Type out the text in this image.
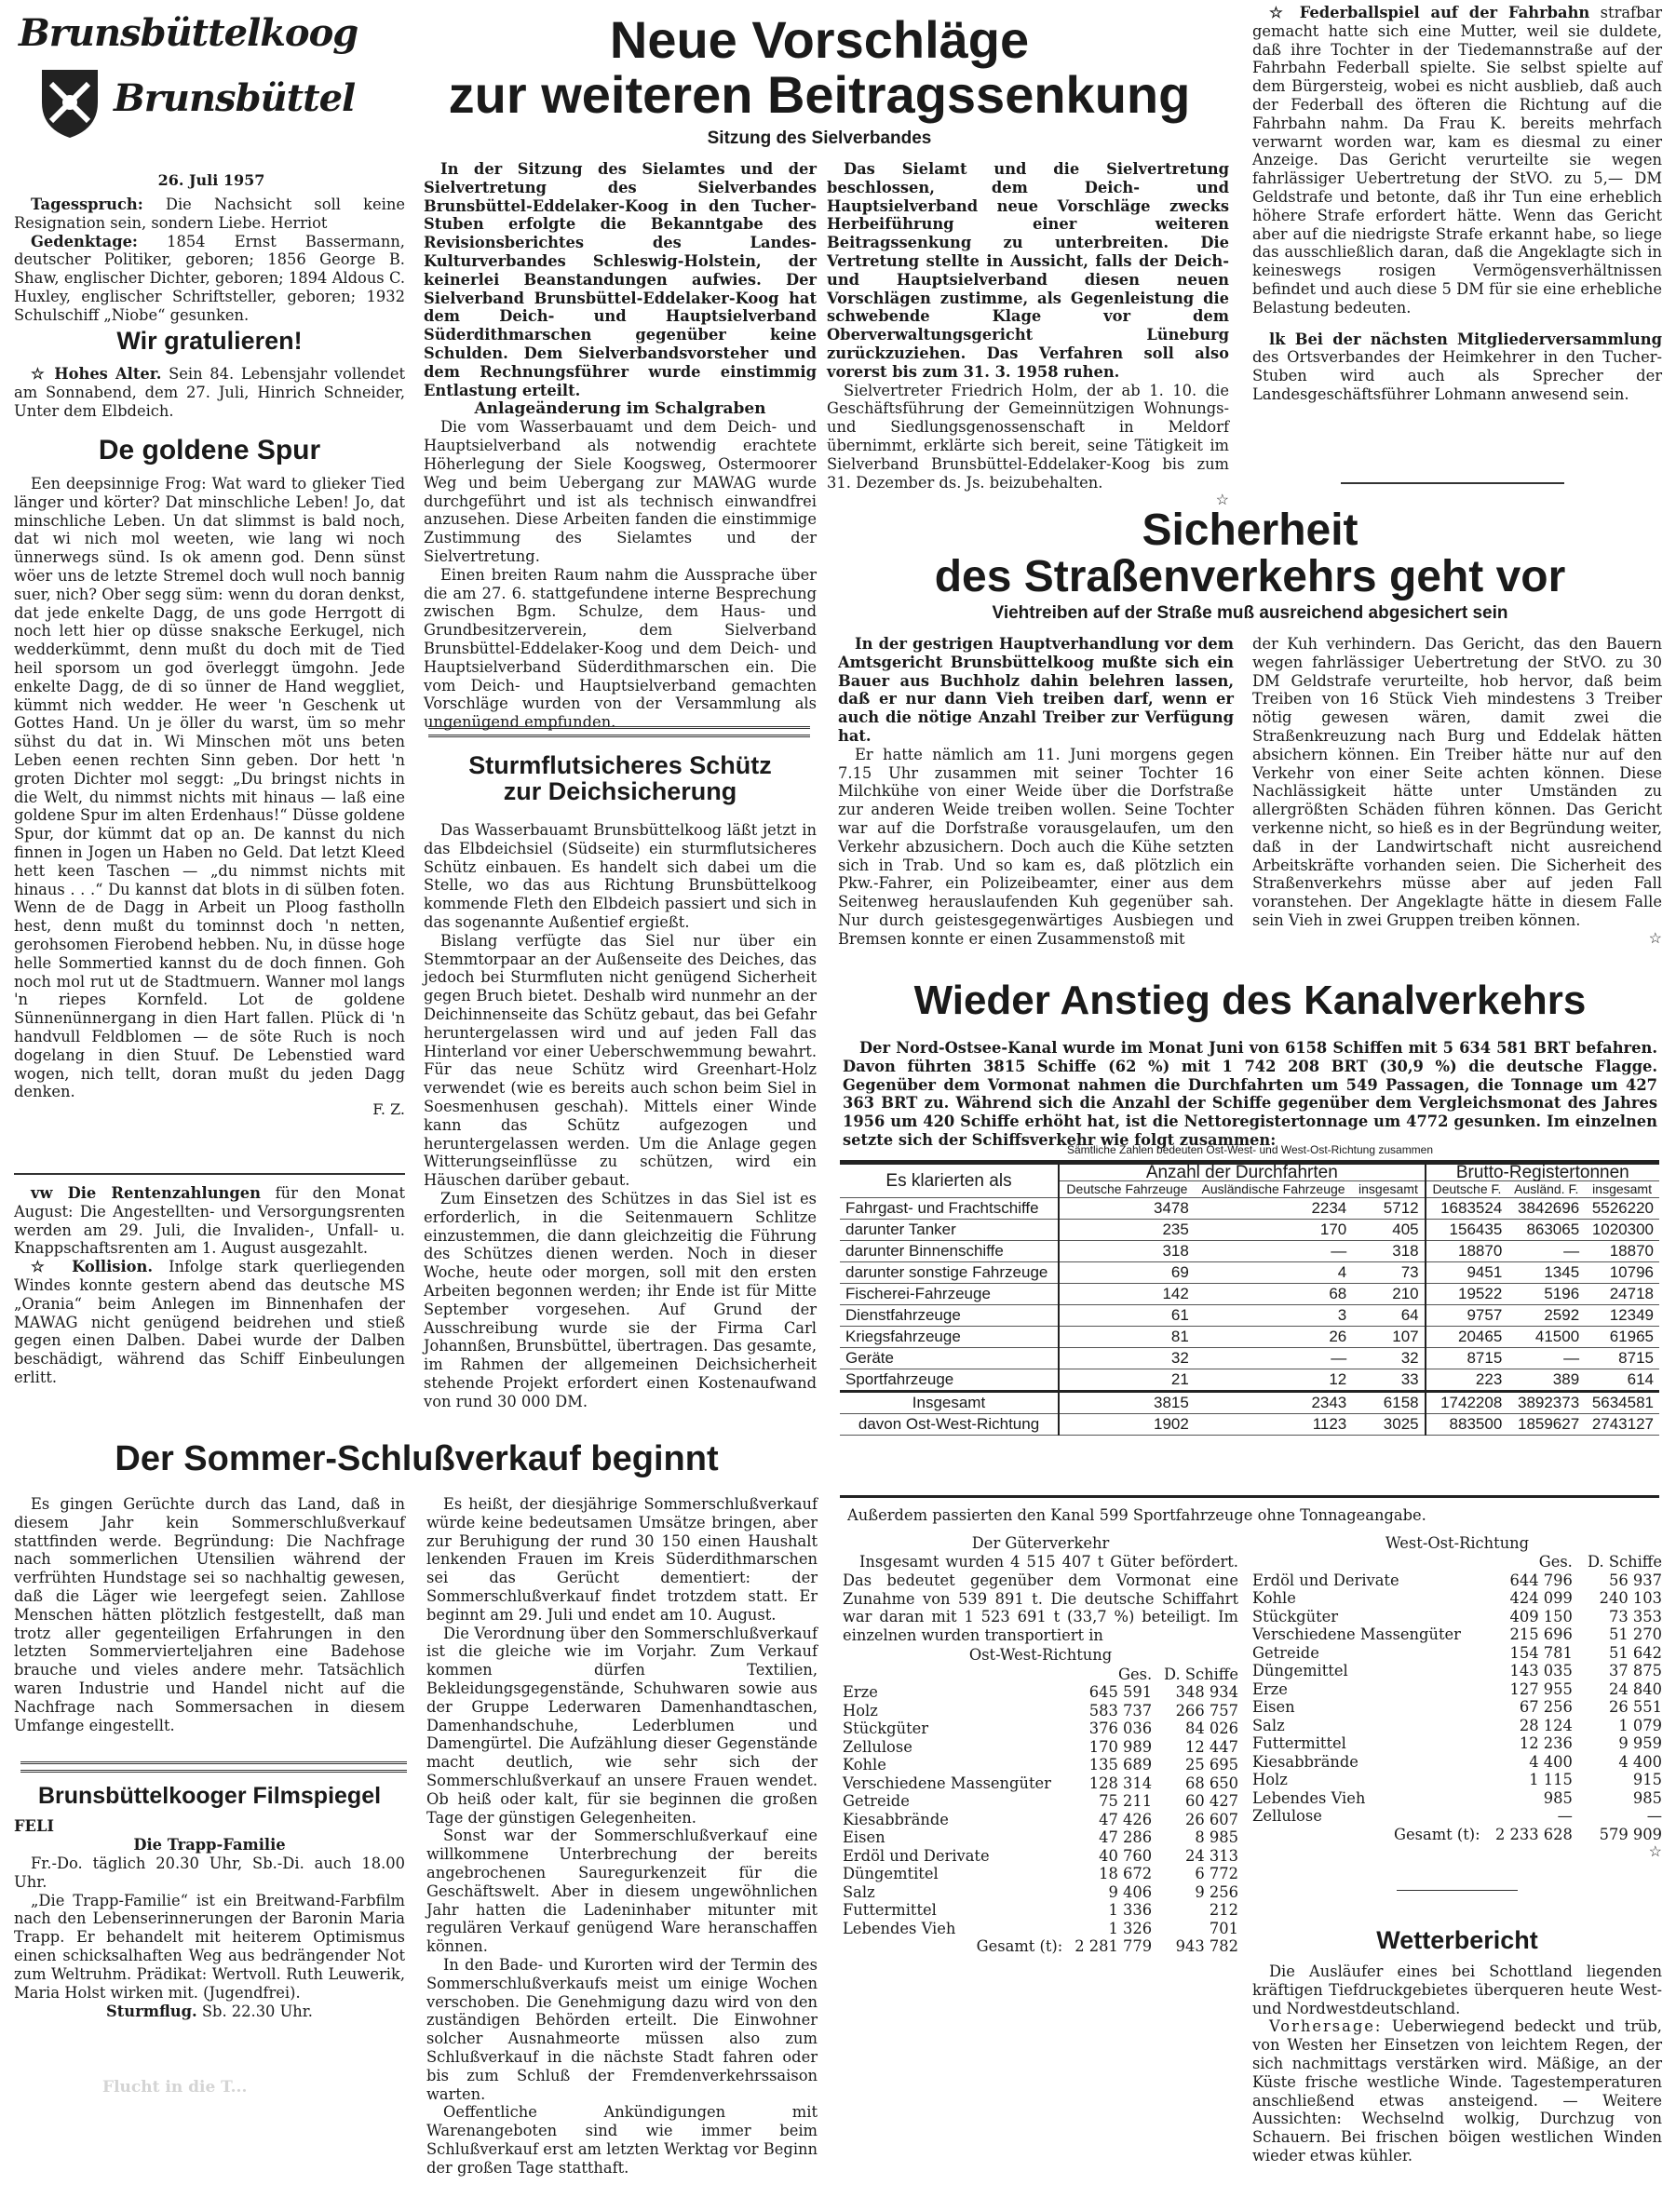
Brunsbüttelkoog
Brunsbüttel
26. Juli 1957

Tagesspruch: Die Nachsicht soll keine Resignation sein, sondern Liebe. Herriot

Gedenktage: 1854 Ernst Bassermann, deutscher Politiker, geboren; 1856 George B. Shaw, englischer Dichter, geboren; 1894 Aldous C. Huxley, englischer Schriftsteller, geboren; 1932 Schulschiff „Niobe“ gesunken.

Wir gratulieren!

☆ Hohes Alter. Sein 84. Lebensjahr vollendet am Sonnabend, dem 27. Juli, Hinrich Schneider, Unter dem Elbdeich.

De goldene Spur

Een deepsinnige Frog: Wat ward to glieker Tied länger und körter? Dat minschliche Leben! Jo, dat minschliche Leben. Un dat slimmst is bald noch, dat wi nich mol weeten, wie lang wi noch ünnerwegs sünd. Is ok amenn god. Denn sünst wöer uns de letzte Stremel doch wull noch bannig suer, nich? Ober segg süm: wenn du doran denkst, dat jede enkelte Dagg, de uns gode Herrgott di noch lett hier op düsse snaksche Eerkugel, nich wedderkümmt, denn mußt du doch mit de Tied heil sporsom un god överleggt ümgohn. Jede enkelte Dagg, de di so ünner de Hand weggliet, kümmt nich wedder. He weer 'n Geschenk ut Gottes Hand. Un je öller du warst, üm so mehr sühst du dat in. Wi Minschen möt uns beten Leben eenen rechten Sinn geben. Dor hett 'n groten Dichter mol seggt: „Du bringst nichts in die Welt, du nimmst nichts mit hinaus — laß eine goldene Spur im alten Erdenhaus!“ Düsse goldene Spur, dor kümmt dat op an. De kannst du nich finnen in Jogen un Haben no Geld. Dat letzt Kleed hett keen Taschen — „du nimmst nichts mit hinaus . . .“ Du kannst dat blots in di sülben foten. Wenn de de Dagg in Arbeit un Ploog fastholln hest, denn mußt du tominnst doch 'n netten, gerohsomen Fierobend hebben. Nu, in düsse hoge helle Sommertied kannst du de doch finnen. Goh noch mol rut ut de Stadtmuern. Wanner mol langs 'n riepes Kornfeld. Lot de goldene Sünnenünnergang in dien Hart fallen. Plück di 'n handvull Feldblomen — de söte Ruch is noch dogelang in dien Stuuf. De Lebenstied ward wogen, nich tellt, doran mußt du jeden Dagg denken.

F. Z.

vw Die Rentenzahlungen für den Monat August: Die Angestellten- und Versorgungsrenten werden am 29. Juli, die Invaliden-, Unfall- u. Knappschaftsrenten am 1. August ausgezahlt.

☆ Kollision. Infolge stark querliegenden Windes konnte gestern abend das deutsche MS „Orania“ beim Anlegen im Binnenhafen der MAWAG nicht genügend beidrehen und stieß gegen einen Dalben. Dabei wurde der Dalben beschädigt, während das Schiff Einbeulungen erlitt.

Neue Vorschläge
zur weiteren Beitragssenkung
Sitzung des Sielverbandes

In der Sitzung des Sielamtes und der Sielvertretung des Sielverbandes Brunsbüttel-Eddelaker-Koog in den Tucher-Stuben erfolgte die Bekanntgabe des Revisionsberichtes des Landes-Kulturverbandes Schleswig-Holstein, der keinerlei Beanstandungen aufwies. Der Sielverband Brunsbüttel-Eddelaker-Koog hat dem Deich- und Hauptsielverband Süderdithmarschen gegenüber keine Schulden. Dem Sielverbandsvorsteher und dem Rechnungsführer wurde einstimmig Entlastung erteilt.

Anlageänderung im Schalgraben

Die vom Wasserbauamt und dem Deich- und Hauptsielverband als notwendig erachtete Höherlegung der Siele Koogsweg, Ostermoorer Weg und beim Uebergang zur MAWAG wurde durchgeführt und ist als technisch einwandfrei anzusehen. Diese Arbeiten fanden die einstimmige Zustimmung des Sielamtes und der Sielvertretung.

Einen breiten Raum nahm die Aussprache über die am 27. 6. stattgefundene interne Besprechung zwischen Bgm. Schulze, dem Haus- und Grundbesitzerverein, dem Sielverband Brunsbüttel-Eddelaker-Koog und dem Deich- und Hauptsielverband Süderdithmarschen ein. Die vom Deich- und Hauptsielverband gemachten Vorschläge wurden von der Versammlung als ungenügend empfunden.

Das Sielamt und die Sielvertretung beschlossen, dem Deich- und Hauptsielverband neue Vorschläge zwecks Herbeiführung einer weiteren Beitragssenkung zu unterbreiten. Die Vertretung stellte in Aussicht, falls der Deich- und Hauptsielverband diesen neuen Vorschlägen zustimme, als Gegenleistung die schwebende Klage vor dem Oberverwaltungsgericht Lüneburg zurückzuziehen. Das Verfahren soll also vorerst bis zum 31. 3. 1958 ruhen.

Sielvertreter Friedrich Holm, der ab 1. 10. die Geschäftsführung der Gemeinnützigen Wohnungs- und Siedlungsgenossenschaft in Meldorf übernimmt, erklärte sich bereit, seine Tätigkeit im Sielverband Brunsbüttel-Eddelaker-Koog bis zum 31. Dezember ds. Js. beizubehalten.

☆
Sturmflutsicheres Schütz
zur Deichsicherung

Das Wasserbauamt Brunsbüttelkoog läßt jetzt in das Elbdeichsiel (Südseite) ein sturmflutsicheres Schütz einbauen. Es handelt sich dabei um die Stelle, wo das aus Richtung Brunsbüttelkoog kommende Fleth den Elbdeich passiert und sich in das sogenannte Außentief ergießt.

Bislang verfügte das Siel nur über ein Stemmtorpaar an der Außenseite des Deiches, das jedoch bei Sturmfluten nicht genügend Sicherheit gegen Bruch bietet. Deshalb wird nunmehr an der Deichinnenseite das Schütz gebaut, das bei Gefahr heruntergelassen wird und auf jeden Fall das Hinterland vor einer Ueberschwemmung bewahrt. Für das neue Schütz wird Greenhart-Holz verwendet (wie es bereits auch schon beim Siel in Soesmenhusen geschah). Mittels einer Winde kann das Schütz aufgezogen und heruntergelassen werden. Um die Anlage gegen Witterungseinflüsse zu schützen, wird ein Häuschen darüber gebaut.

Zum Einsetzen des Schützes in das Siel ist es erforderlich, in die Seitenmauern Schlitze einzustemmen, die dann gleichzeitig die Führung des Schützes dienen werden. Noch in dieser Woche, heute oder morgen, soll mit den ersten Arbeiten begonnen werden; ihr Ende ist für Mitte September vorgesehen. Auf Grund der Ausschreibung wurde sie der Firma Carl Johannßen, Brunsbüttel, übertragen. Das gesamte, im Rahmen der allgemeinen Deichsicherheit stehende Projekt erfordert einen Kostenaufwand von rund 30 000 DM.

☆ Federballspiel auf der Fahrbahn strafbar gemacht hatte sich eine Mutter, weil sie duldete, daß ihre Tochter in der Tiedemannstraße auf der Fahrbahn Federball spielte. Sie selbst spielte auf dem Bürgersteig, wobei es nicht ausblieb, daß auch der Federball des öfteren die Richtung auf die Fahrbahn nahm. Da Frau K. bereits mehrfach verwarnt worden war, kam es diesmal zu einer Anzeige. Das Gericht verurteilte sie wegen fahrlässiger Uebertretung der StVO. zu 5,— DM Geldstrafe und betonte, daß ihr Tun eine erheblich höhere Strafe erfordert hätte. Wenn das Gericht aber auf die niedrigste Strafe erkannt habe, so liege das ausschließlich daran, daß die Angeklagte sich in keineswegs rosigen Vermögensverhältnissen befindet und auch diese 5 DM für sie eine erhebliche Belastung bedeuten.

lk Bei der nächsten Mitgliederversammlung des Ortsverbandes der Heimkehrer in den Tucher-Stuben wird auch als Sprecher der Landesgeschäftsführer Lohmann anwesend sein.

Sicherheit
des Straßenverkehrs geht vor
Viehtreiben auf der Straße muß ausreichend abgesichert sein

In der gestrigen Hauptverhandlung vor dem Amtsgericht Brunsbüttelkoog mußte sich ein Bauer aus Buchholz dahin belehren lassen, daß er nur dann Vieh treiben darf, wenn er auch die nötige Anzahl Treiber zur Verfügung hat.

Er hatte nämlich am 11. Juni morgens gegen 7.15 Uhr zusammen mit seiner Tochter 16 Milchkühe von einer Weide über die Dorfstraße zur anderen Weide treiben wollen. Seine Tochter war auf die Dorfstraße vorausgelaufen, um den Verkehr abzusichern. Doch auch die Kühe setzten sich in Trab. Und so kam es, daß plötzlich ein Pkw.-Fahrer, ein Polizeibeamter, einer aus dem Seitenweg herauslaufenden Kuh gegenüber sah. Nur durch geistesgegenwärtiges Ausbiegen und Bremsen konnte er einen Zusammenstoß mit

der Kuh verhindern. Das Gericht, das den Bauern wegen fahrlässiger Uebertretung der StVO. zu 30 DM Geldstrafe verurteilte, hob hervor, daß beim Treiben von 16 Stück Vieh mindestens 3 Treiber nötig gewesen wären, damit zwei die Straßenkreuzung nach Burg und Eddelak hätten absichern können. Ein Treiber hätte nur auf den Verkehr von einer Seite achten können. Diese Nachlässigkeit hätte unter Umständen zu allergrößten Schäden führen können. Das Gericht verkenne nicht, so hieß es in der Begründung weiter, daß in der Landwirtschaft nicht ausreichend Arbeitskräfte vorhanden seien. Die Sicherheit des Straßenverkehrs müsse aber auf jeden Fall voranstehen. Der Angeklagte hätte in diesem Falle sein Vieh in zwei Gruppen treiben können.

☆
Wieder Anstieg des Kanalverkehrs

Der Nord-Ostsee-Kanal wurde im Monat Juni von 6158 Schiffen mit 5 634 581 BRT befahren. Davon führten 3815 Schiffe (62 %) mit 1 742 208 BRT (30,9 %) die deutsche Flagge. Gegenüber dem Vormonat nahmen die Durchfahrten um 549 Passagen, die Tonnage um 427 363 BRT zu. Während sich die Anzahl der Schiffe gegenüber dem Vergleichsmonat des Jahres 1956 um 420 Schiffe erhöht hat, ist die Nettoregistertonnage um 4772 gesunken. Im einzelnen setzte sich der Schiffsverkehr wie folgt zusammen:

Sämtliche Zahlen bedeuten Ost-West- und West-Ost-Richtung zusammen
Es klarierten als	Anzahl der Durchfahrten			Brutto-Registertonnen		
	Deutsche Fahrzeuge	Ausländische Fahrzeuge	insgesamt	Deutsche F.	Ausländ. F.	insgesamt
Fahrgast- und Frachtschiffe	3478	2234	5712	1683524	3842696	5526220
darunter Tanker	235	170	405	156435	863065	1020300
darunter Binnenschiffe	318	—	318	18870	—	18870
darunter sonstige Fahrzeuge	69	4	73	9451	1345	10796
Fischerei-Fahrzeuge	142	68	210	19522	5196	24718
Dienstfahrzeuge	61	3	64	9757	2592	12349
Kriegsfahrzeuge	81	26	107	20465	41500	61965
Geräte	32	—	32	8715	—	8715
Sportfahrzeuge	21	12	33	223	389	614
Insgesamt	3815	2343	6158	1742208	3892373	5634581
davon Ost-West-Richtung	1902	1123	3025	883500	1859627	2743127

Außerdem passierten den Kanal 599 Sportfahrzeuge ohne Tonnageangabe.

Der Güterverkehr

Insgesamt wurden 4 515 407 t Güter befördert. Das bedeutet gegenüber dem Vormonat eine Zunahme von 539 891 t. Die deutsche Schiffahrt war daran mit 1 523 691 t (33,7 %) beteiligt. Im einzelnen wurden transportiert in

Ost-West-Richtung
	Ges.	D. Schiffe
Erze	645 591	348 934
Holz	583 737	266 757
Stückgüter	376 036	84 026
Zellulose	170 989	12 447
Kohle	135 689	25 695
Verschiedene Massengüter	128 314	68 650
Getreide	75 211	60 427
Kiesabbrände	47 426	26 607
Eisen	47 286	8 985
Erdöl und Derivate	40 760	24 313
Düngemtitel	18 672	6 772
Salz	9 406	9 256
Futtermittel	1 336	212
Lebendes Vieh	1 326	701
Gesamt (t):	2 281 779	943 782
West-Ost-Richtung
	Ges.	D. Schiffe
Erdöl und Derivate	644 796	56 937
Kohle	424 099	240 103
Stückgüter	409 150	73 353
Verschiedene Massengüter	215 696	51 270
Getreide	154 781	51 642
Düngemittel	143 035	37 875
Erze	127 955	24 840
Eisen	67 256	26 551
Salz	28 124	1 079
Futtermittel	12 236	9 959
Kiesabbrände	4 400	4 400
Holz	1 115	915
Lebendes Vieh	985	985
Zellulose	—	—
Gesamt (t):	2 233 628	579 909
☆
Wetterbericht

Die Ausläufer eines bei Schottland liegenden kräftigen Tiefdruckgebietes überqueren heute West- und Nordwestdeutschland.

Vorhersage: Ueberwiegend bedeckt und trüb, von Westen her Einsetzen von leichtem Regen, der sich nachmittags verstärken wird. Mäßige, an der Küste frische westliche Winde. Tagestemperaturen anschließend etwas ansteigend. — Weitere Aussichten: Wechselnd wolkig, Durchzug von Schauern. Bei frischen böigen westlichen Winden wieder etwas kühler.

Der Sommer-Schlußverkauf beginnt

Es gingen Gerüchte durch das Land, daß in diesem Jahr kein Sommerschlußverkauf stattfinden werde. Begründung: Die Nachfrage nach sommerlichen Utensilien während der verfrühten Hundstage sei so nachhaltig gewesen, daß die Läger wie leergefegt seien. Zahllose Menschen hätten plötzlich festgestellt, daß man trotz aller gegenteiligen Erfahrungen in den letzten Sommervierteljahren eine Badehose brauche und vieles andere mehr. Tatsächlich waren Industrie und Handel nicht auf die Nachfrage nach Sommersachen in diesem Umfange eingestellt.

Es heißt, der diesjährige Sommerschlußverkauf würde keine bedeutsamen Umsätze bringen, aber zur Beruhigung der rund 30 150 einen Haushalt lenkenden Frauen im Kreis Süderdithmarschen sei das Gerücht dementiert: der Sommerschlußverkauf findet trotzdem statt. Er beginnt am 29. Juli und endet am 10. August.

Die Verordnung über den Sommerschlußverkauf ist die gleiche wie im Vorjahr. Zum Verkauf kommen dürfen Textilien, Bekleidungsgegenstände, Schuhwaren sowie aus der Gruppe Lederwaren Damenhandtaschen, Damenhandschuhe, Lederblumen und Damengürtel. Die Aufzählung dieser Gegenstände macht deutlich, wie sehr sich der Sommerschlußverkauf an unsere Frauen wendet. Ob heiß oder kalt, für sie beginnen die großen Tage der günstigen Gelegenheiten.

Sonst war der Sommerschlußverkauf eine willkommene Unterbrechung der bereits angebrochenen Sauregurkenzeit für die Geschäftswelt. Aber in diesem ungewöhnlichen Jahr hatten die Ladeninhaber mitunter mit regulären Verkauf genügend Ware heranschaffen können.

In den Bade- und Kurorten wird der Termin des Sommerschlußverkaufs meist um einige Wochen verschoben. Die Genehmigung dazu wird von den zuständigen Behörden erteilt. Die Einwohner solcher Ausnahmeorte müssen also zum Schlußverkauf in die nächste Stadt fahren oder bis zum Schluß der Fremdenverkehrssaison warten.

Oeffentliche Ankündigungen mit Warenangeboten sind wie immer beim Schlußverkauf erst am letzten Werktag vor Beginn der großen Tage statthaft.

Brunsbüttelkooger Filmspiegel
FELI
Die Trapp-Familie

Fr.-Do. täglich 20.30 Uhr, Sb.-Di. auch 18.00 Uhr.

„Die Trapp-Familie“ ist ein Breitwand-Farbfilm nach den Lebenserinnerungen der Baronin Maria Trapp. Er behandelt mit heiterem Optimismus einen schicksalhaften Weg aus bedrängender Not zum Weltruhm. Prädikat: Wertvoll. Ruth Leuwerik, Maria Holst wirken mit. (Jugendfrei).

Sturmflug. Sb. 22.30 Uhr.
Flucht in die T...
